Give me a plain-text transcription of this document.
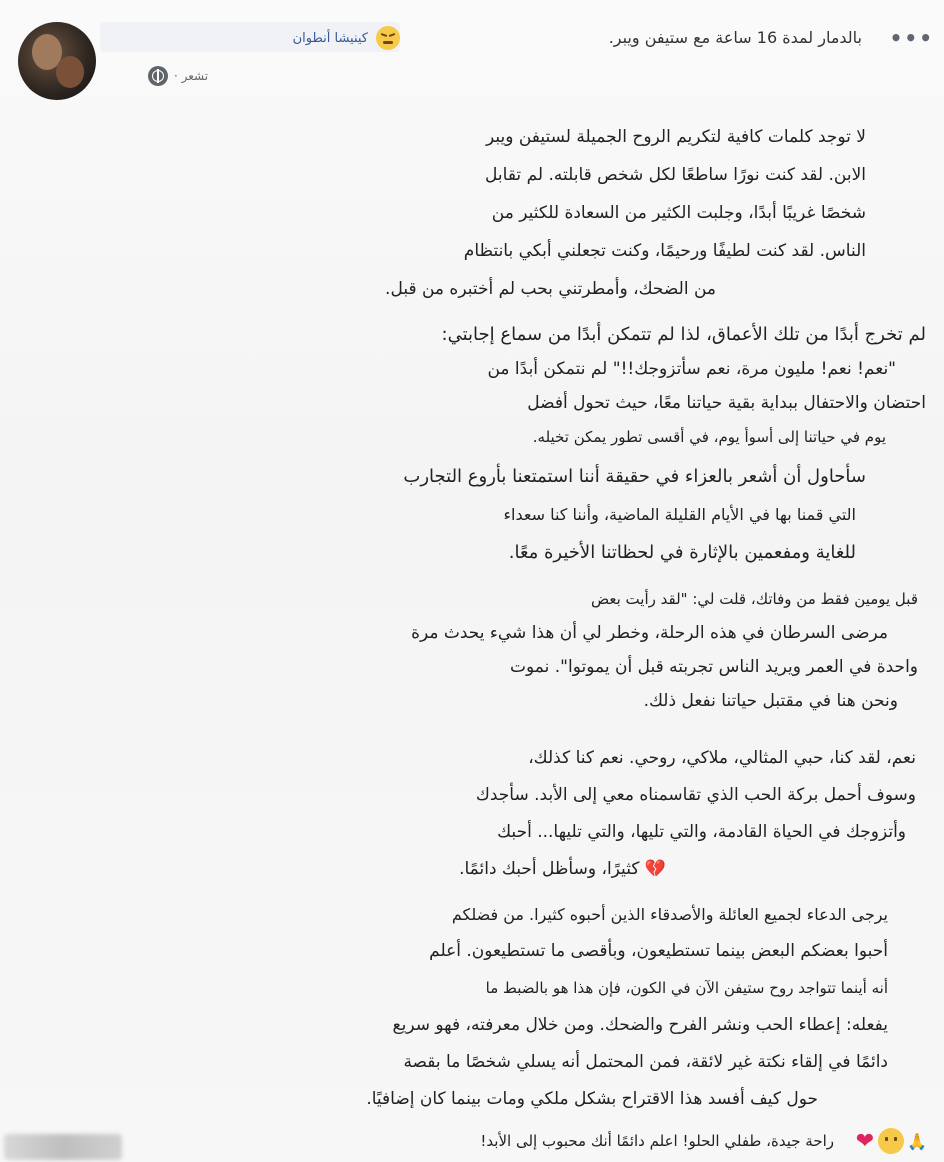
كينيشا أنطوان
· تشعر
بالدمار لمدة 16 ساعة مع ستيفن ويبر. •••
لا توجد كلمات كافية لتكريم الروح الجميلة لستيفن ويبر
الابن. لقد كنت نورًا ساطعًا لكل شخص قابلته. لم تقابل
شخصًا غريبًا أبدًا، وجلبت الكثير من السعادة للكثير من
الناس. لقد كنت لطيفًا ورحيمًا، وكنت تجعلني أبكي بانتظام
من الضحك، وأمطرتني بحب لم أختبره من قبل.
لم تخرج أبدًا من تلك الأعماق، لذا لم تتمكن أبدًا من سماع إجابتي:
"نعم! نعم! مليون مرة، نعم سأتزوجك!!" لم نتمكن أبدًا من
احتضان والاحتفال ببداية بقية حياتنا معًا، حيث تحول أفضل
يوم في حياتنا إلى أسوأ يوم، في أقسى تطور يمكن تخيله.
سأحاول أن أشعر بالعزاء في حقيقة أننا استمتعنا بأروع التجارب
التي قمنا بها في الأيام القليلة الماضية، وأننا كنا سعداء
للغاية ومفعمين بالإثارة في لحظاتنا الأخيرة معًا.
قبل يومين فقط من وفاتك، قلت لي: "لقد رأيت بعض
مرضى السرطان في هذه الرحلة، وخطر لي أن هذا شيء يحدث مرة
واحدة في العمر ويريد الناس تجربته قبل أن يموتوا". نموت
ونحن هنا في مقتبل حياتنا نفعل ذلك.
نعم، لقد كنا، حبي المثالي، ملاكي، روحي. نعم كنا كذلك،
وسوف أحمل بركة الحب الذي تقاسمناه معي إلى الأبد. سأجدك
وأتزوجك في الحياة القادمة، والتي تليها، والتي تليها... أحبك
💔 كثيرًا، وسأظل أحبك دائمًا.
يرجى الدعاء لجميع العائلة والأصدقاء الذين أحبوه كثيرا. من فضلكم
أحبوا بعضكم البعض بينما تستطيعون، وبأقصى ما تستطيعون. أعلم
أنه أينما تتواجد روح ستيفن الآن في الكون، فإن هذا هو بالضبط ما
يفعله: إعطاء الحب ونشر الفرح والضحك. ومن خلال معرفته، فهو سريع
دائمًا في إلقاء نكتة غير لائقة، فمن المحتمل أنه يسلي شخصًا ما بقصة
حول كيف أفسد هذا الاقتراح بشكل ملكي ومات بينما كان إضافيًا.
راحة جيدة، طفلي الحلو! اعلم دائمًا أنك محبوب إلى الأبد! ❤ 🙏
